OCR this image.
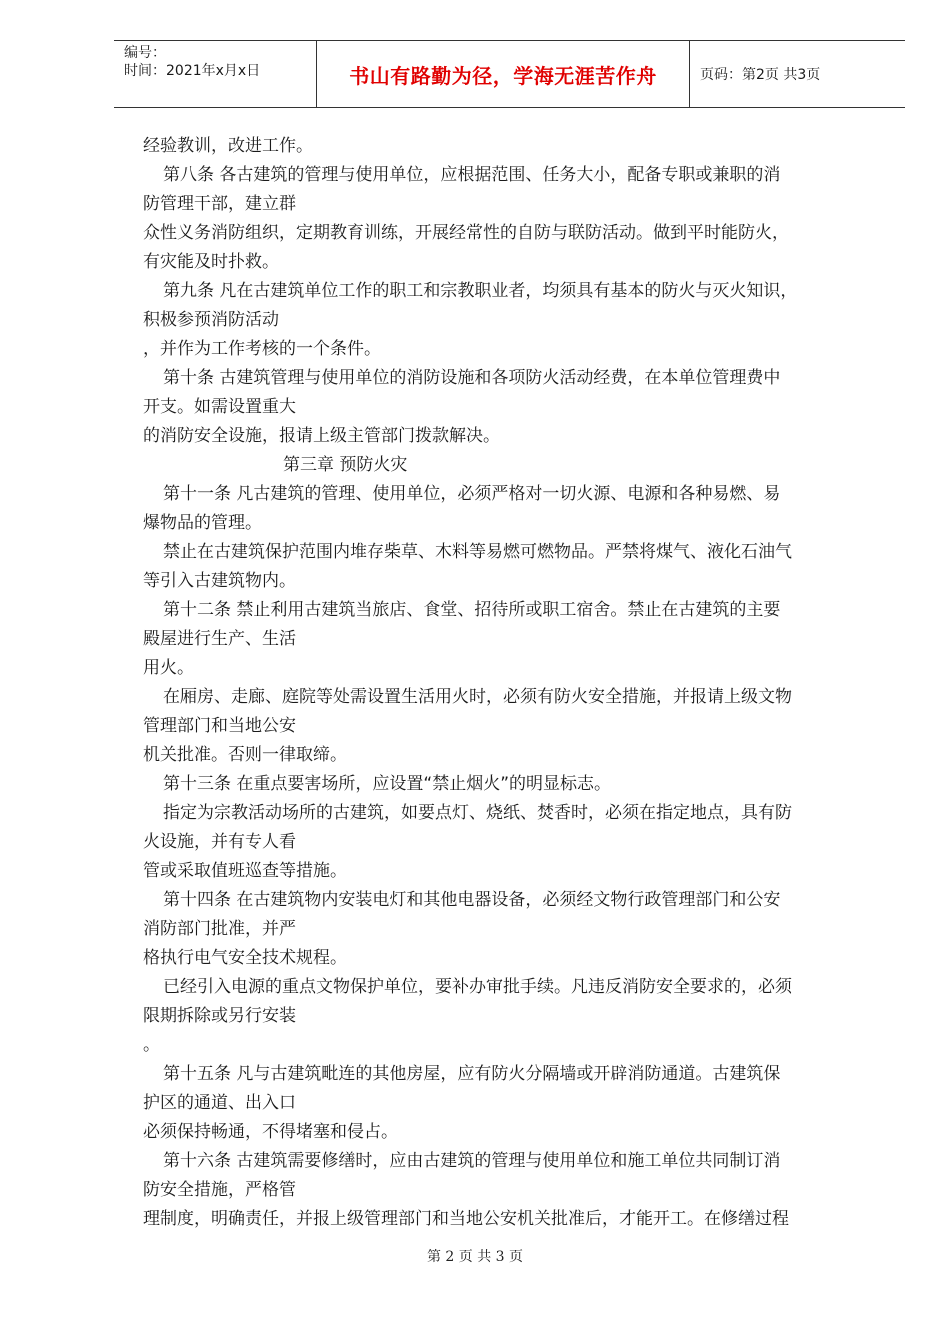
编号：
时间：2021年x月x日	书山有路勤为径，学海无涯苦作舟	页码：第2页 共3页
经验教训，改进工作。
第八条 各古建筑的管理与使用单位，应根据范围、任务大小，配备专职或兼职的消
防管理干部，建立群
众性义务消防组织，定期教育训练，开展经常性的自防与联防活动。做到平时能防火，
有灾能及时扑救。
第九条 凡在古建筑单位工作的职工和宗教职业者，均须具有基本的防火与灭火知识，
积极参预消防活动
，并作为工作考核的一个条件。
第十条 古建筑管理与使用单位的消防设施和各项防火活动经费，在本单位管理费中
开支。如需设置重大
的消防安全设施，报请上级主管部门拨款解决。
第三章 预防火灾
第十一条 凡古建筑的管理、使用单位，必须严格对一切火源、电源和各种易燃、易
爆物品的管理。
禁止在古建筑保护范围内堆存柴草、木料等易燃可燃物品。严禁将煤气、液化石油气
等引入古建筑物内。
第十二条 禁止利用古建筑当旅店、食堂、招待所或职工宿舍。禁止在古建筑的主要
殿屋进行生产、生活
用火。
在厢房、走廊、庭院等处需设置生活用火时，必须有防火安全措施，并报请上级文物
管理部门和当地公安
机关批准。否则一律取缔。
第十三条 在重点要害场所，应设置“禁止烟火”的明显标志。
指定为宗教活动场所的古建筑，如要点灯、烧纸、焚香时，必须在指定地点，具有防
火设施，并有专人看
管或采取值班巡查等措施。
第十四条 在古建筑物内安装电灯和其他电器设备，必须经文物行政管理部门和公安
消防部门批准，并严
格执行电气安全技术规程。
已经引入电源的重点文物保护单位，要补办审批手续。凡违反消防安全要求的，必须
限期拆除或另行安装
。
第十五条 凡与古建筑毗连的其他房屋，应有防火分隔墙或开辟消防通道。古建筑保
护区的通道、出入口
必须保持畅通，不得堵塞和侵占。
第十六条 古建筑需要修缮时，应由古建筑的管理与使用单位和施工单位共同制订消
防安全措施，严格管
理制度，明确责任，并报上级管理部门和当地公安机关批准后，才能开工。在修缮过程
第 2 页 共 3 页
